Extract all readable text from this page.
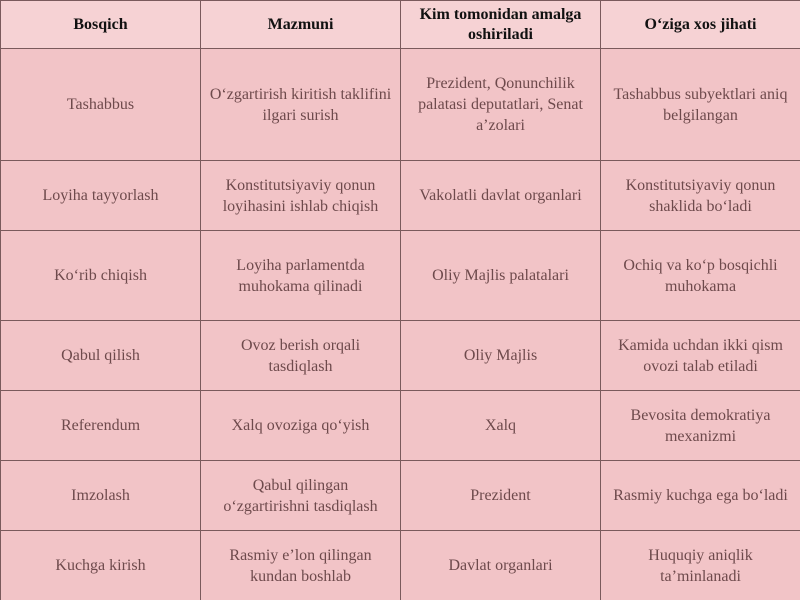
Bosqich	Mazmuni	Kim tomonidan amalga oshiriladi	O‘ziga xos jihati
Tashabbus	O‘zgartirish kiritish taklifini ilgari surish	Prezident, Qonunchilik palatasi deputatlari, Senat a’zolari	Tashabbus subyektlari aniq belgilangan
Loyiha tayyorlash	Konstitutsiyaviy qonun loyihasini ishlab chiqish	Vakolatli davlat organlari	Konstitutsiyaviy qonun shaklida bo‘ladi
Ko‘rib chiqish	Loyiha parlamentda muhokama qilinadi	Oliy Majlis palatalari	Ochiq va ko‘p bosqichli muhokama
Qabul qilish	Ovoz berish orqali tasdiqlash	Oliy Majlis	Kamida uchdan ikki qism ovozi talab etiladi
Referendum	Xalq ovoziga qo‘yish	Xalq	Bevosita demokratiya mexanizmi
Imzolash	Qabul qilingan o‘zgartirishni tasdiqlash	Prezident	Rasmiy kuchga ega bo‘ladi
Kuchga kirish	Rasmiy e’lon qilingan kundan boshlab	Davlat organlari	Huquqiy aniqlik ta’minlanadi
